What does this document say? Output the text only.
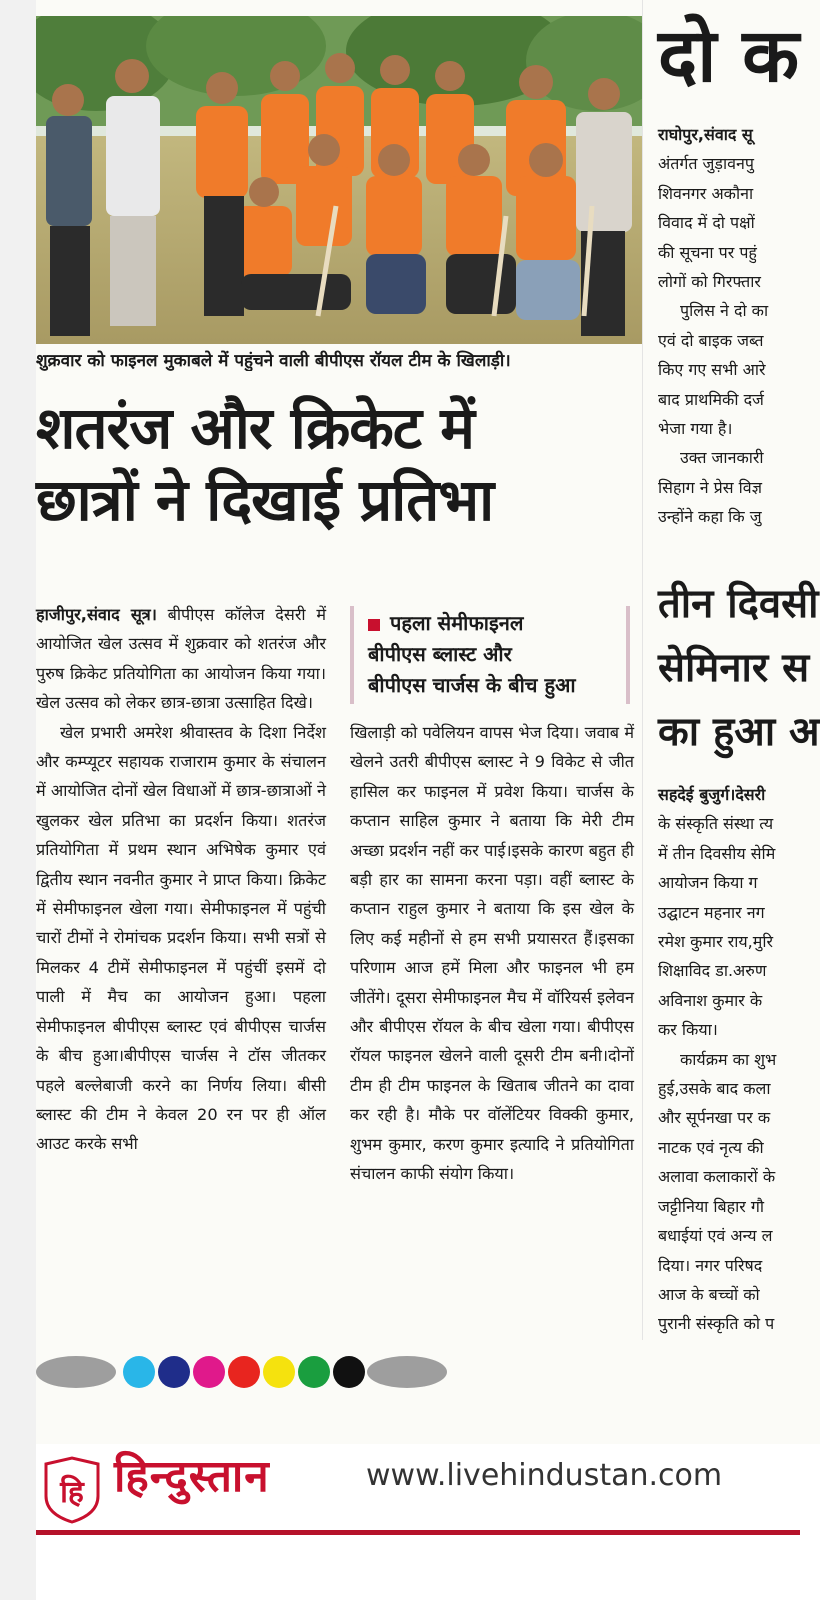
शुक्रवार को फाइनल मुकाबले में पहुंचने वाली बीपीएस रॉयल टीम के खिलाड़ी।
शतरंज और क्रिकेट में
छात्रों ने दिखाई प्रतिभा

हाजीपुर,संवाद सूत्र। बीपीएस कॉलेज देसरी में आयोजित खेल उत्सव में शुक्रवार को शतरंज और पुरुष क्रिकेट प्रतियोगिता का आयोजन किया गया। खेल उत्सव को लेकर छात्र-छात्रा उत्साहित दिखे।

खेल प्रभारी अमरेश श्रीवास्तव के दिशा निर्देश और कम्प्यूटर सहायक राजाराम कुमार के संचालन में आयोजित दोनों खेल विधाओं में छात्र-छात्राओं ने खुलकर खेल प्रतिभा का प्रदर्शन किया। शतरंज प्रतियोगिता में प्रथम स्थान अभिषेक कुमार एवं द्वितीय स्थान नवनीत कुमार ने प्राप्त किया। क्रिकेट में सेमीफाइनल खेला गया। सेमीफाइनल में पहुंची चारों टीमों ने रोमांचक प्रदर्शन किया। सभी सत्रों से मिलकर 4 टीमें सेमीफाइनल में पहुंचीं इसमें दो पाली में मैच का आयोजन हुआ। पहला सेमीफाइनल बीपीएस ब्लास्ट एवं बीपीएस चार्जस के बीच हुआ।बीपीएस चार्जस ने टॉस जीतकर पहले बल्लेबाजी करने का निर्णय लिया। बीसी ब्लास्ट की टीम ने केवल 20 रन पर ही ऑल आउट करके सभी

पहला सेमीफाइनल
बीपीएस ब्लास्ट और
बीपीएस चार्जस के बीच हुआ

खिलाड़ी को पवेलियन वापस भेज दिया। जवाब में खेलने उतरी बीपीएस ब्लास्ट ने 9 विकेट से जीत हासिल कर फाइनल में प्रवेश किया। चार्जस के कप्तान साहिल कुमार ने बताया कि मेरी टीम अच्छा प्रदर्शन नहीं कर पाई।इसके कारण बहुत ही बड़ी हार का सामना करना पड़ा। वहीं ब्लास्ट के कप्तान राहुल कुमार ने बताया कि इस खेल के लिए कई महीनों से हम सभी प्रयासरत हैं।इसका परिणाम आज हमें मिला और फाइनल भी हम जीतेंगे। दूसरा सेमीफाइनल मैच में वॉरियर्स इलेवन और बीपीएस रॉयल के बीच खेला गया। बीपीएस रॉयल फाइनल खेलने वाली दूसरी टीम बनी।दोनों टीम ही टीम फाइनल के खिताब जीतने का दावा कर रही है। मौके पर वॉलेंटियर विक्की कुमार, शुभम कुमार, करण कुमार इत्यादि ने प्रतियोगिता संचालन काफी संयोग किया।

दो क
राघोपुर,संवाद सू
अंतर्गत जुड़ावनपु
शिवनगर अकौना
विवाद में दो पक्षों
की सूचना पर पहुं
लोगों को गिरफ्तार
पुलिस ने दो का
एवं दो बाइक जब्त
किए गए सभी आरे
बाद प्राथमिकी दर्ज
भेजा गया है।
उक्त जानकारी
सिहाग ने प्रेस विज्ञ
उन्होंने कहा कि जु
तीन दिवसी
सेमिनार स
का हुआ अ
सहदेई बुजुर्ग।देसरी
के संस्कृति संस्था त्य
में तीन दिवसीय सेमि
आयोजन किया ग
उद्घाटन महनार नग
रमेश कुमार राय,मुरि
शिक्षाविद डा.अरुण
अविनाश कुमार के
कर किया।
कार्यक्रम का शुभ
हुई,उसके बाद कला
और सूर्पनखा पर क
नाटक एवं नृत्य की
अलावा कलाकारों के
जट्टीनिया बिहार गौ
बधाईयां एवं अन्य ल
दिया। नगर परिषद
आज के बच्चों को
पुरानी संस्कृति को प
हि हिन्दुस्तान	www.livehindustan.com
